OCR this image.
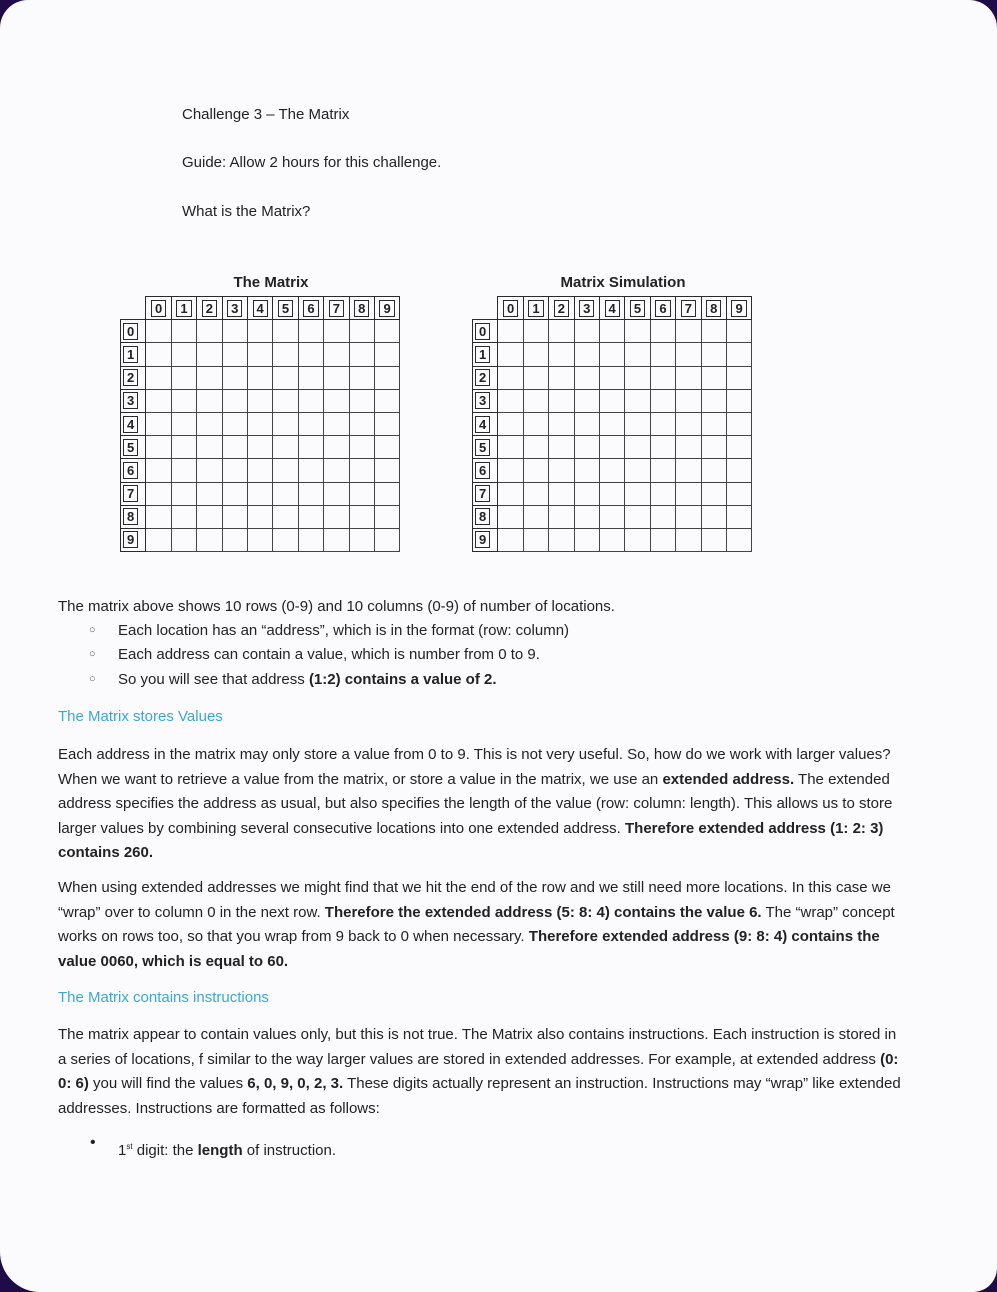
Challenge 3 – The Matrix
Guide: Allow 2 hours for this challenge.
What is the Matrix?
The Matrix
	0	1	2	3	4	5	6	7	8	9
0										
1										
2										
3										
4										
5										
6										
7										
8										
9										
Matrix Simulation
	0	1	2	3	4	5	6	7	8	9
0										
1										
2										
3										
4										
5										
6										
7										
8										
9										
The matrix above shows 10 rows (0-9) and 10 columns (0-9) of number of locations.
○ Each location has an “address”, which is in the format (row: column)
○ Each address can contain a value, which is number from 0 to 9.
○ So you will see that address (1:2) contains a value of 2.
The Matrix stores Values
Each address in the matrix may only store a value from 0 to 9. This is not very useful. So, how do we work with larger values? When we want to retrieve a value from the matrix, or store a value in the matrix, we use an extended address. The extended address specifies the address as usual, but also specifies the length of the value (row: column: length). This allows us to store larger values by combining several consecutive locations into one extended address. Therefore extended address (1: 2: 3) contains 260.
When using extended addresses we might find that we hit the end of the row and we still need more locations. In this case we “wrap” over to column 0 in the next row. Therefore the extended address (5: 8: 4) contains the value 6. The “wrap” concept works on rows too, so that you wrap from 9 back to 0 when necessary. Therefore extended address (9: 8: 4) contains the value 0060, which is equal to 60.
The Matrix contains instructions
The matrix appear to contain values only, but this is not true. The Matrix also contains instructions. Each instruction is stored in a series of locations, f similar to the way larger values are stored in extended addresses. For example, at extended address (0: 0: 6) you will find the values 6, 0, 9, 0, 2, 3. These digits actually represent an instruction. Instructions may “wrap” like extended addresses. Instructions are formatted as follows:
• 1st digit: the length of instruction.
